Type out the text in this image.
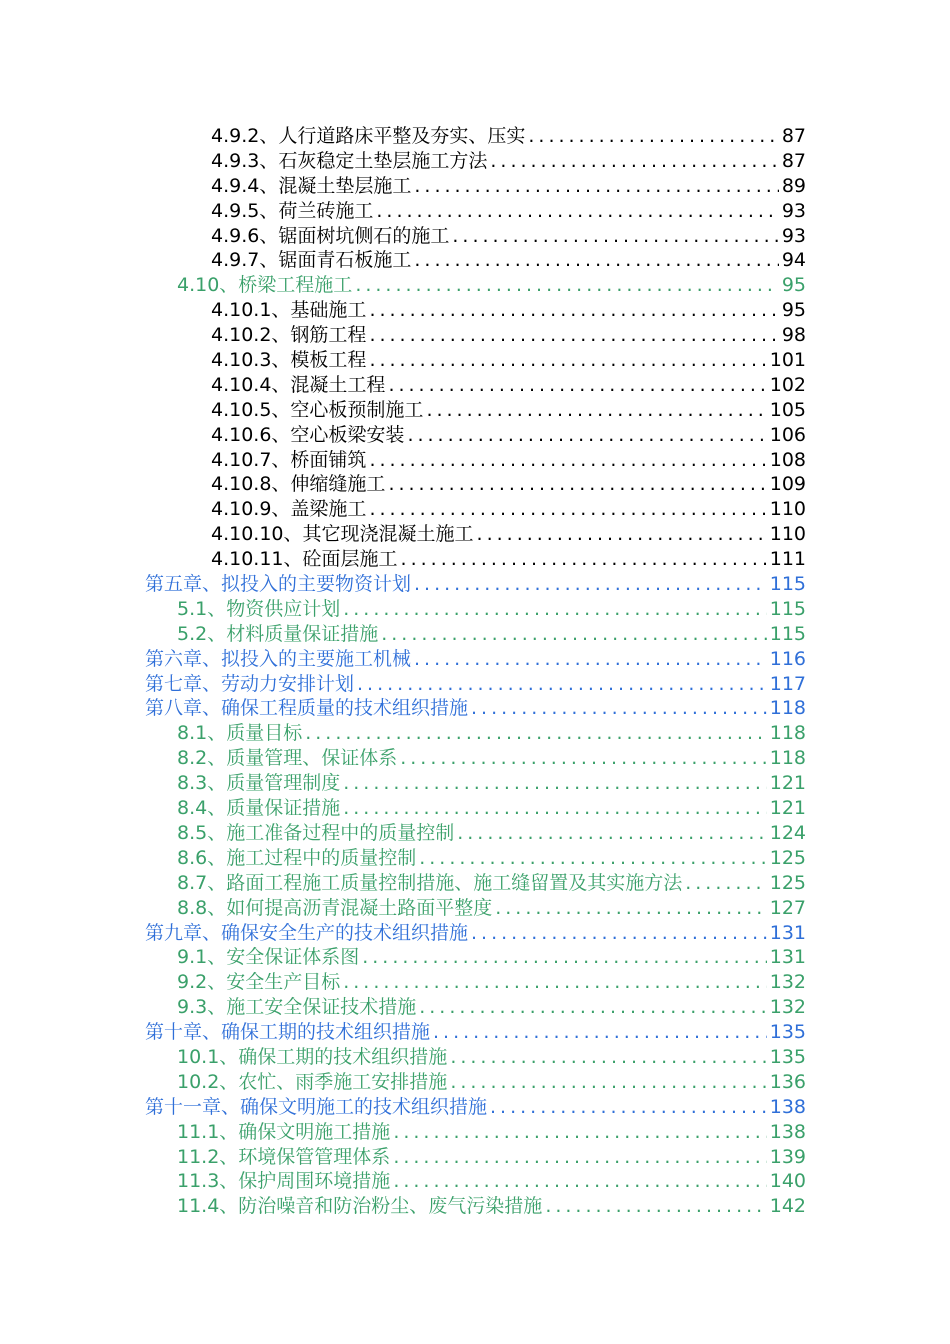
4.9.2、人行道路床平整及夯实、压实 .....	87
4.9.3、石灰稳定土垫层施工方法 .....	87
4.9.4、混凝土垫层施工 .....	89
4.9.5、荷兰砖施工 .....	93
4.9.6、锯面树坑侧石的施工 .....	93
4.9.7、锯面青石板施工 .....	94
4.10、桥梁工程施工 .....	95
4.10.1、基础施工 .....	95
4.10.2、钢筋工程 .....	98
4.10.3、模板工程 .....	101
4.10.4、混凝土工程 .....	102
4.10.5、空心板预制施工 .....	105
4.10.6、空心板梁安装 .....	106
4.10.7、桥面铺筑 .....	108
4.10.8、伸缩缝施工 .....	109
4.10.9、盖梁施工 .....	110
4.10.10、其它现浇混凝土施工 .....	110
4.10.11、砼面层施工 .....	111
第五章、拟投入的主要物资计划 .....	115
5.1、物资供应计划 .....	115
5.2、材料质量保证措施 .....	115
第六章、拟投入的主要施工机械 .....	116
第七章、劳动力安排计划 .....	117
第八章、确保工程质量的技术组织措施 .....	118
8.1、质量目标 .....	118
8.2、质量管理、保证体系 .....	118
8.3、质量管理制度 .....	121
8.4、质量保证措施 .....	121
8.5、施工准备过程中的质量控制 .....	124
8.6、施工过程中的质量控制 .....	125
8.7、路面工程施工质量控制措施、施工缝留置及其实施方法 .....	125
8.8、如何提高沥青混凝土路面平整度 .....	127
第九章、确保安全生产的技术组织措施 .....	131
9.1、安全保证体系图 .....	131
9.2、安全生产目标 .....	132
9.3、施工安全保证技术措施 .....	132
第十章、确保工期的技术组织措施 .....	135
10.1、确保工期的技术组织措施 .....	135
10.2、农忙、雨季施工安排措施 .....	136
第十一章、确保文明施工的技术组织措施 .....	138
11.1、确保文明施工措施 .....	138
11.2、环境保管管理体系 .....	139
11.3、保护周围环境措施 .....	140
11.4、防治噪音和防治粉尘、废气污染措施 .....	142
